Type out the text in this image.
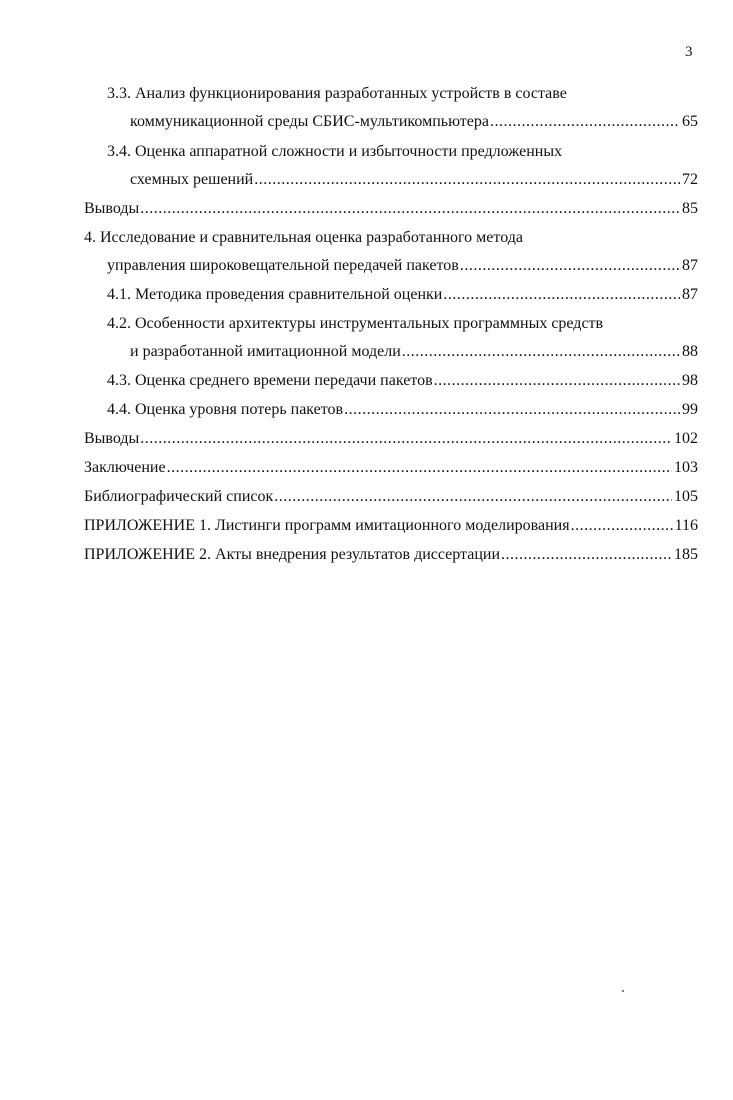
3
3.3. Анализ функционирования разработанных устройств в составе
коммуникационной среды СБИС-мультикомпьютера .....	65
3.4. Оценка аппаратной сложности и избыточности предложенных
схемных решений .....	72
Выводы .....	85
4. Исследование и сравнительная оценка разработанного метода
управления широковещательной передачей пакетов .....	87
4.1. Методика проведения сравнительной оценки .....	87
4.2. Особенности архитектуры инструментальных программных средств
и разработанной имитационной модели .....	88
4.3. Оценка среднего времени передачи пакетов .....	98
4.4. Оценка уровня потерь пакетов .....	99
Выводы .....	102
Заключение .....	103
Библиографический список .....	105
ПРИЛОЖЕНИЕ 1. Листинги программ имитационного моделирования .....	116
ПРИЛОЖЕНИЕ 2. Акты внедрения результатов диссертации .....	185
